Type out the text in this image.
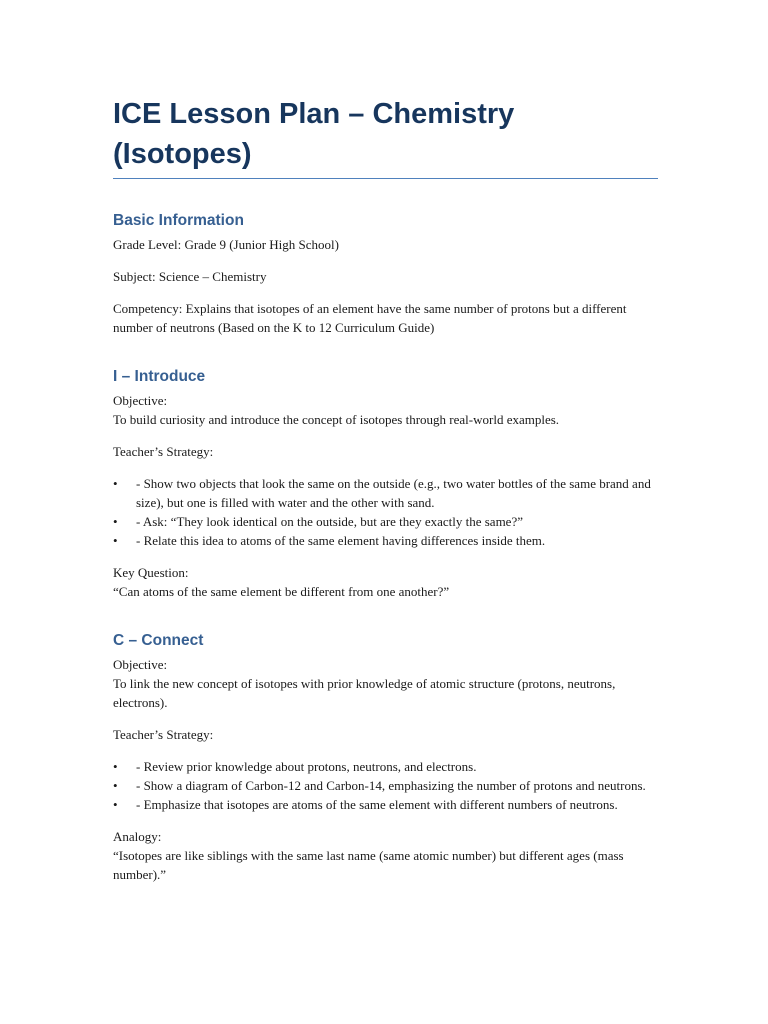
ICE Lesson Plan – Chemistry (Isotopes)
Basic Information

Grade Level: Grade 9 (Junior High School)

Subject: Science – Chemistry

Competency: Explains that isotopes of an element have the same number of protons but a different number of neutrons (Based on the K to 12 Curriculum Guide)

I – Introduce

Objective:

To build curiosity and introduce the concept of isotopes through real-world examples.

Teacher’s Strategy:

• - Show two objects that look the same on the outside (e.g., two water bottles of the same brand and size), but one is filled with water and the other with sand.
• - Ask: “They look identical on the outside, but are they exactly the same?”
• - Relate this idea to atoms of the same element having differences inside them.

Key Question:

“Can atoms of the same element be different from one another?”

C – Connect

Objective:

To link the new concept of isotopes with prior knowledge of atomic structure (protons, neutrons, electrons).

Teacher’s Strategy:

• - Review prior knowledge about protons, neutrons, and electrons.
• - Show a diagram of Carbon-12 and Carbon-14, emphasizing the number of protons and neutrons.
• - Emphasize that isotopes are atoms of the same element with different numbers of neutrons.

Analogy:

“Isotopes are like siblings with the same last name (same atomic number) but different ages (mass number).”
